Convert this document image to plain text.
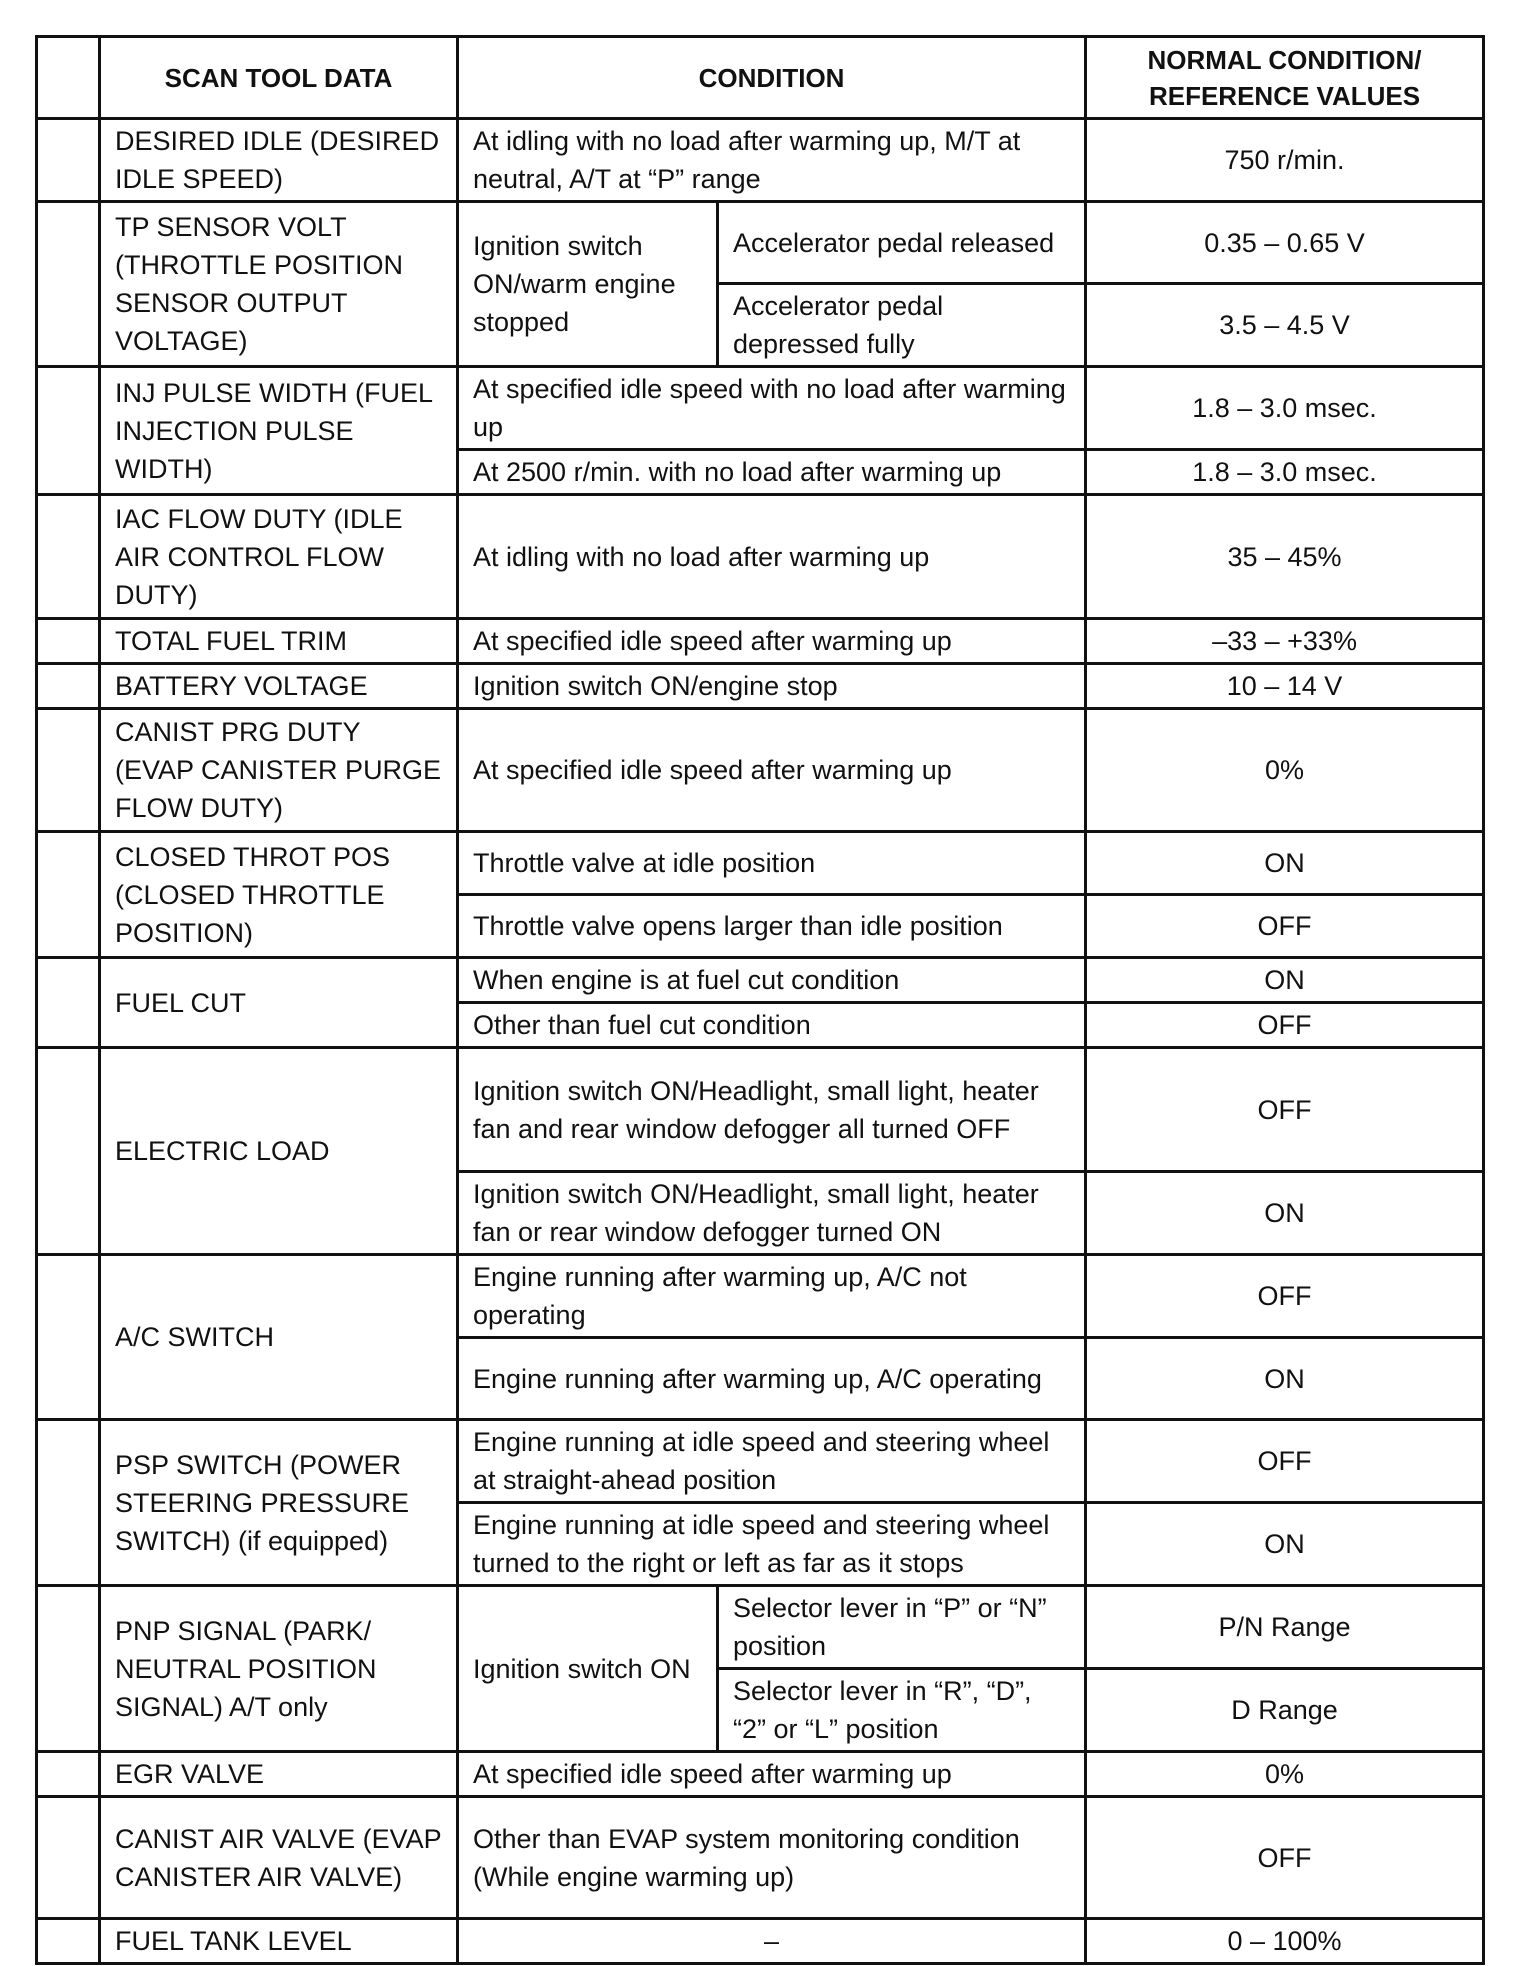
	SCAN TOOL DATA	CONDITION		NORMAL CONDITION/ REFERENCE VALUES
	DESIRED IDLE (DESIRED IDLE SPEED)	At idling with no load after warming up, M/T at neutral, A/T at “P” range		750 r/min.
	TP SENSOR VOLT (THROTTLE POSITION SENSOR OUTPUT VOLTAGE)	Ignition switch ON/warm engine stopped	Accelerator pedal released	0.35 – 0.65 V
			Accelerator pedal depressed fully	3.5 – 4.5 V
	INJ PULSE WIDTH (FUEL INJECTION PULSE WIDTH)	At specified idle speed with no load after warming up		1.8 – 3.0 msec.
		At 2500 r/min. with no load after warming up		1.8 – 3.0 msec.
	IAC FLOW DUTY (IDLE AIR CONTROL FLOW DUTY)	At idling with no load after warming up		35 – 45%
	TOTAL FUEL TRIM	At specified idle speed after warming up		–33 – +33%
	BATTERY VOLTAGE	Ignition switch ON/engine stop		10 – 14 V
	CANIST PRG DUTY (EVAP CANISTER PURGE FLOW DUTY)	At specified idle speed after warming up		0%
	CLOSED THROT POS (CLOSED THROTTLE POSITION)	Throttle valve at idle position		ON
		Throttle valve opens larger than idle position		OFF
	FUEL CUT	When engine is at fuel cut condition		ON
		Other than fuel cut condition		OFF
	ELECTRIC LOAD	Ignition switch ON/Headlight, small light, heater fan and rear window defogger all turned OFF		OFF
		Ignition switch ON/Headlight, small light, heater fan or rear window defogger turned ON		ON
	A/C SWITCH	Engine running after warming up, A/C not operating		OFF
		Engine running after warming up, A/C operating		ON
	PSP SWITCH (POWER STEERING PRESSURE SWITCH) (if equipped)	Engine running at idle speed and steering wheel at straight-ahead position		OFF
		Engine running at idle speed and steering wheel turned to the right or left as far as it stops		ON
	PNP SIGNAL (PARK/ NEUTRAL POSITION SIGNAL) A/T only	Ignition switch ON	Selector lever in “P” or “N” position	P/N Range
			Selector lever in “R”, “D”, “2” or “L” position	D Range
	EGR VALVE	At specified idle speed after warming up		0%
	CANIST AIR VALVE (EVAP CANISTER AIR VALVE)	Other than EVAP system monitoring condition (While engine warming up)		OFF
	FUEL TANK LEVEL	–		0 – 100%
